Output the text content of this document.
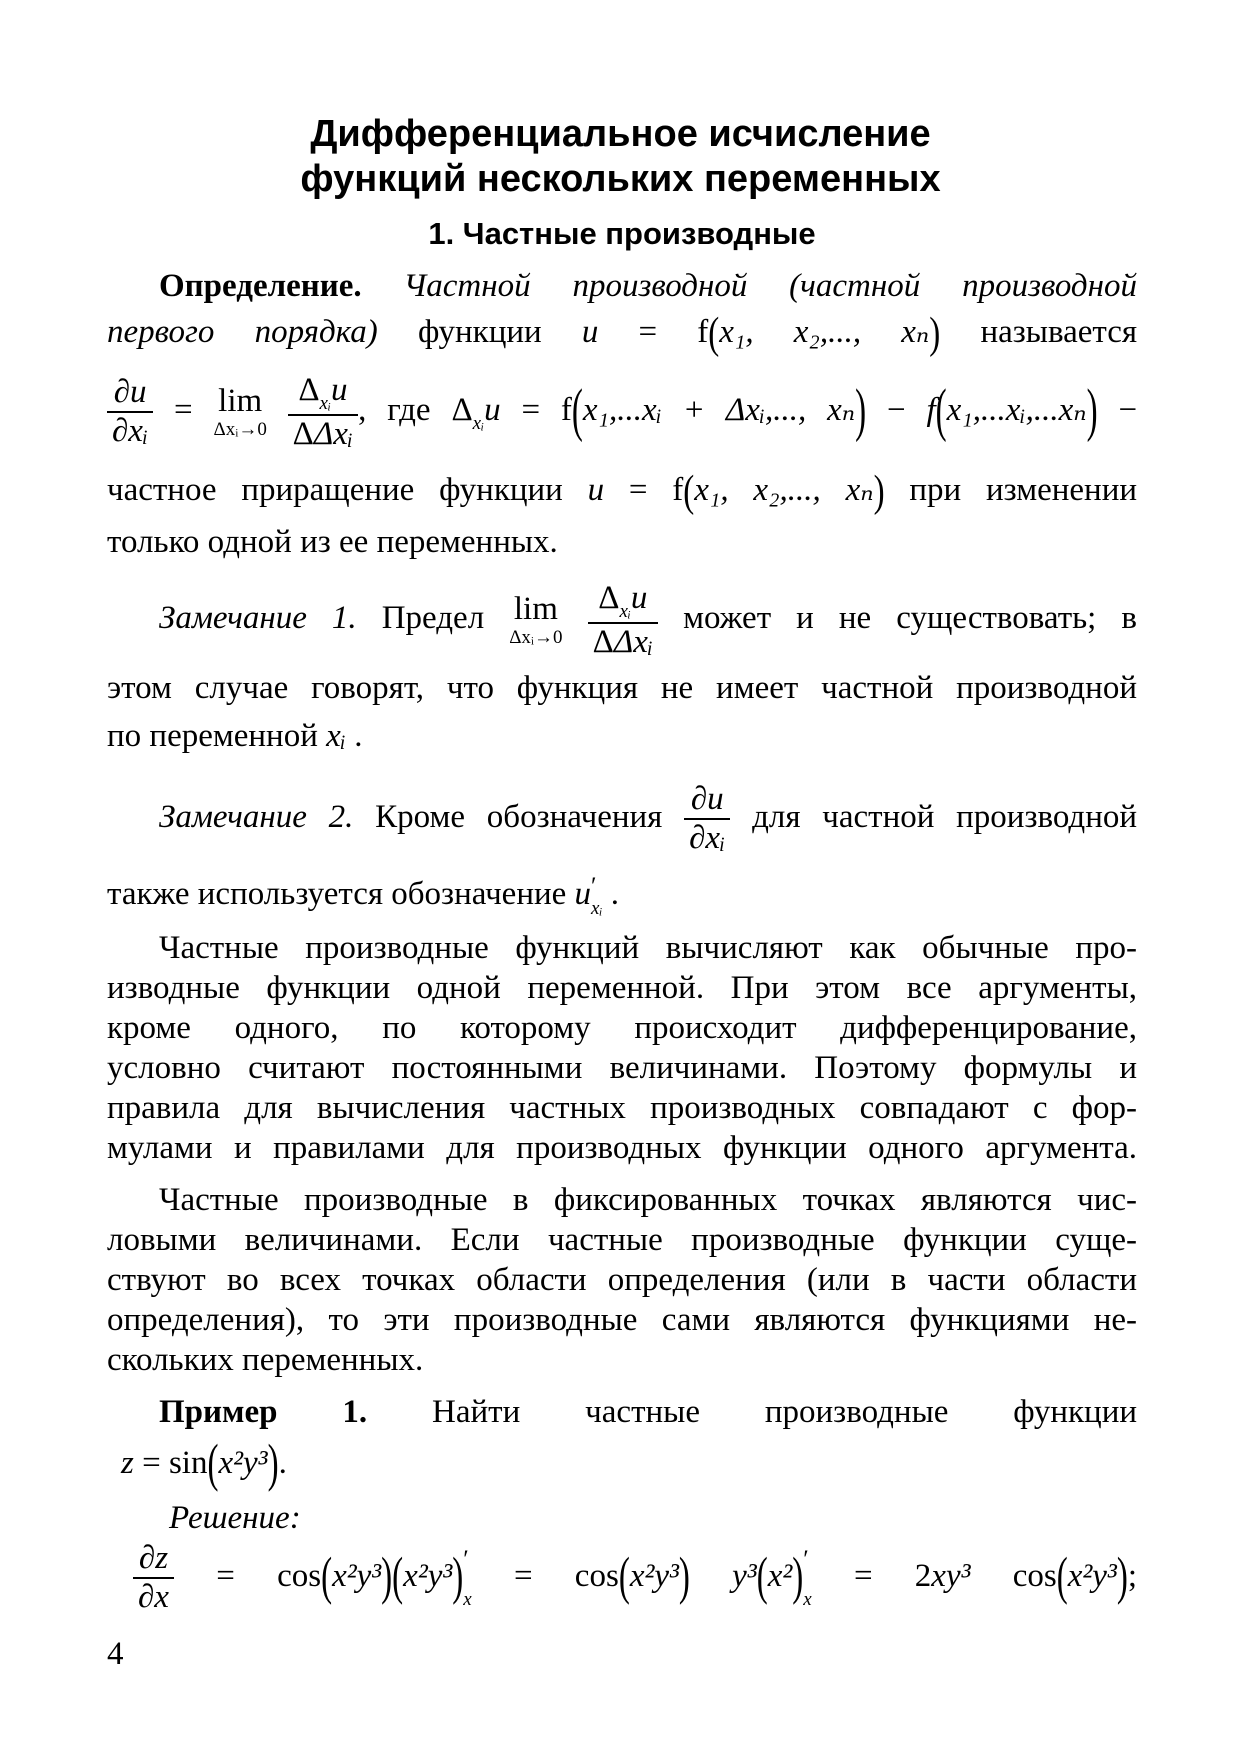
Дифференциальное исчисление
функций нескольких переменных
1. Частные производные
Определение. Частной производной (частной производной
первого порядка) функции u = f(x₁, x₂,..., xₙ) называется
$\frac{\partial u}{\text{∂xᵢ}} = \lim$
Δxᵢ→0
$\frac{\Delta_{xᵢ}u}{\text{ΔΔxᵢ}}$ , где $\Delta_{xᵢ}u$ = f(x₁,...xᵢ + Δxᵢ,..., xₙ) − f(x₁,...xᵢ,...xₙ) −
частное приращение функции u = f(x₁, x₂,..., xₙ) при изменении
только одной из ее переменных.
Замечание 1. Предел lim
Δxᵢ→0
$\frac{\Delta_{xᵢ}u}{\text{ΔΔxᵢ}}$ может и не существовать; в
этом случае говорят, что функция не имеет частной производной
по переменной xᵢ .
Замечание 2. Кроме обозначения $\frac{\partial u}{\text{∂xᵢ}}$ для частной производной
также используется обозначение u ′
xᵢ .
Частные производные функций вычисляют как обычные про-
изводные функции одной переменной. При этом все аргументы,
кроме одного, по которому происходит дифференцирование,
условно считают постоянными величинами. Поэтому формулы и
правила для вычисления частных производных совпадают с фор-
мулами и правилами для производных функции одного аргумента.
Частные производные в фиксированных точках являются чис-
ловыми величинами. Если частные производные функции суще-
ствуют во всех точках области определения (или в части области
определения), то эти производные сами являются функциями не-
скольких переменных.
Пример 1. Найти частные производные функции
z = sin(x²y³).
Решение:
$\frac{\partial z}{\partial x} = \cos(x^2y^3)(x^2y^3)$ ′
x
= cos(x²y³) y³(x²) ′
x
= 2xy³ cos(x²y³);
4
